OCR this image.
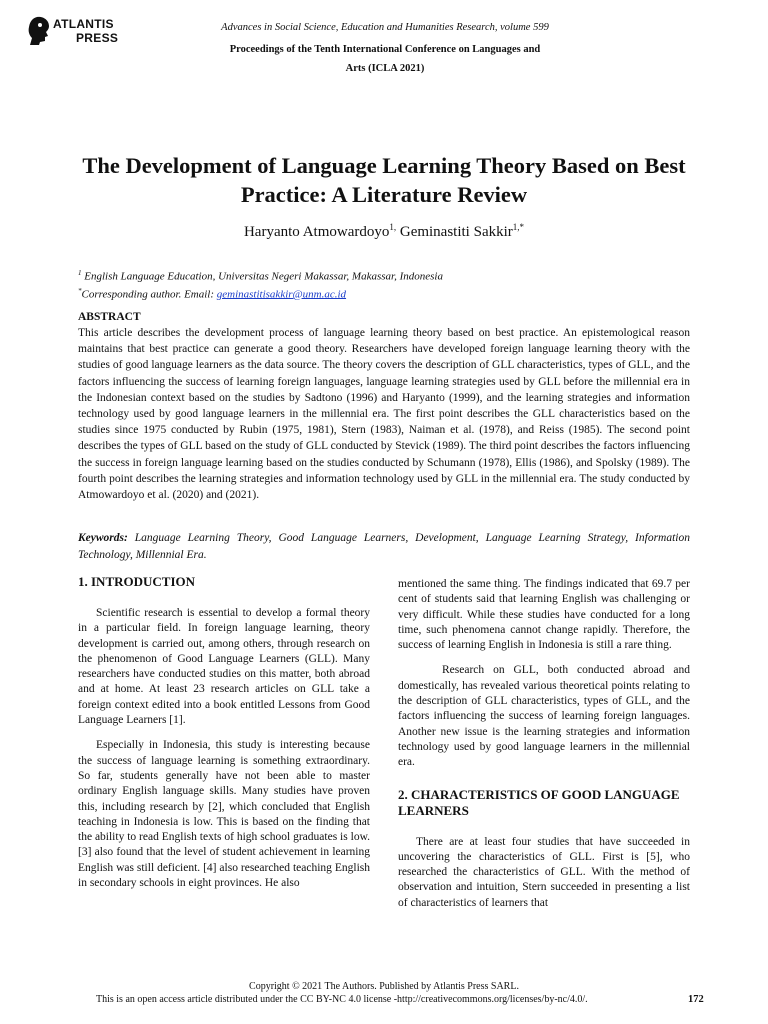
ATLANTIS
PRESS
Advances in Social Science, Education and Humanities Research, volume 599
Proceedings of the Tenth International Conference on Languages and
Arts (ICLA 2021)
The Development of Language Learning Theory Based on Best Practice: A Literature Review
Haryanto Atmowardoyo$^{1,}$ Geminastiti Sakkir$^{1,*}$
$^1$ English Language Education, Universitas Negeri Makassar, Makassar, Indonesia
*Corresponding author. Email: geminastitisakkir@unm.ac.id
ABSTRACT

This article describes the development process of language learning theory based on best practice. An epistemological reason maintains that best practice can generate a good theory. Researchers have developed foreign language learning theory with the studies of good language learners as the data source. The theory covers the description of GLL characteristics, types of GLL, and the factors influencing the success of learning foreign languages, language learning strategies used by GLL before the millennial era in the Indonesian context based on the studies by Sadtono (1996) and Haryanto (1999), and the learning strategies and information technology used by good language learners in the millennial era. The first point describes the GLL characteristics based on the studies since 1975 conducted by Rubin (1975, 1981), Stern (1983), Naiman et al. (1978), and Reiss (1985). The second point describes the types of GLL based on the study of GLL conducted by Stevick (1989). The third point describes the factors influencing the success in foreign language learning based on the studies conducted by Schumann (1978), Ellis (1986), and Spolsky (1989). The fourth point describes the learning strategies and information technology used by GLL in the millennial era. The study conducted by Atmowardoyo et al. (2020) and (2021).

Keywords: Language Learning Theory, Good Language Learners, Development, Language Learning Strategy, Information Technology, Millennial Era.

1. INTRODUCTION

Scientific research is essential to develop a formal theory in a particular field. In foreign language learning, theory development is carried out, among others, through research on the phenomenon of Good Language Learners (GLL). Many researchers have conducted studies on this matter, both abroad and at home. At least 23 research articles on GLL take a foreign context edited into a book entitled Lessons from Good Language Learners [1].

Especially in Indonesia, this study is interesting because the success of language learning is something extraordinary. So far, students generally have not been able to master ordinary English language skills. Many studies have proven this, including research by [2], which concluded that English teaching in Indonesia is low. This is based on the finding that the ability to read English texts of high school graduates is low. [3] also found that the level of student achievement in learning English was still deficient. [4] also researched teaching English in secondary schools in eight provinces. He also

mentioned the same thing. The findings indicated that 69.7 per cent of students said that learning English was challenging or very difficult. While these studies have conducted for a long time, such phenomena cannot change rapidly. Therefore, the success of learning English in Indonesia is still a rare thing.

Research on GLL, both conducted abroad and domestically, has revealed various theoretical points relating to the description of GLL characteristics, types of GLL, and the factors influencing the success of learning foreign languages. Another new issue is the learning strategies and information technology used by good language learners in the millennial era.

2. CHARACTERISTICS OF GOOD LANGUAGE LEARNERS

There are at least four studies that have succeeded in uncovering the characteristics of GLL. First is [5], who researched the characteristics of GLL. With the method of observation and intuition, Stern succeeded in presenting a list of characteristics of learners that

Copyright © 2021 The Authors. Published by Atlantis Press SARL.
This is an open access article distributed under the CC BY-NC 4.0 license -http://creativecommons.org/licenses/by-nc/4.0/.	172
